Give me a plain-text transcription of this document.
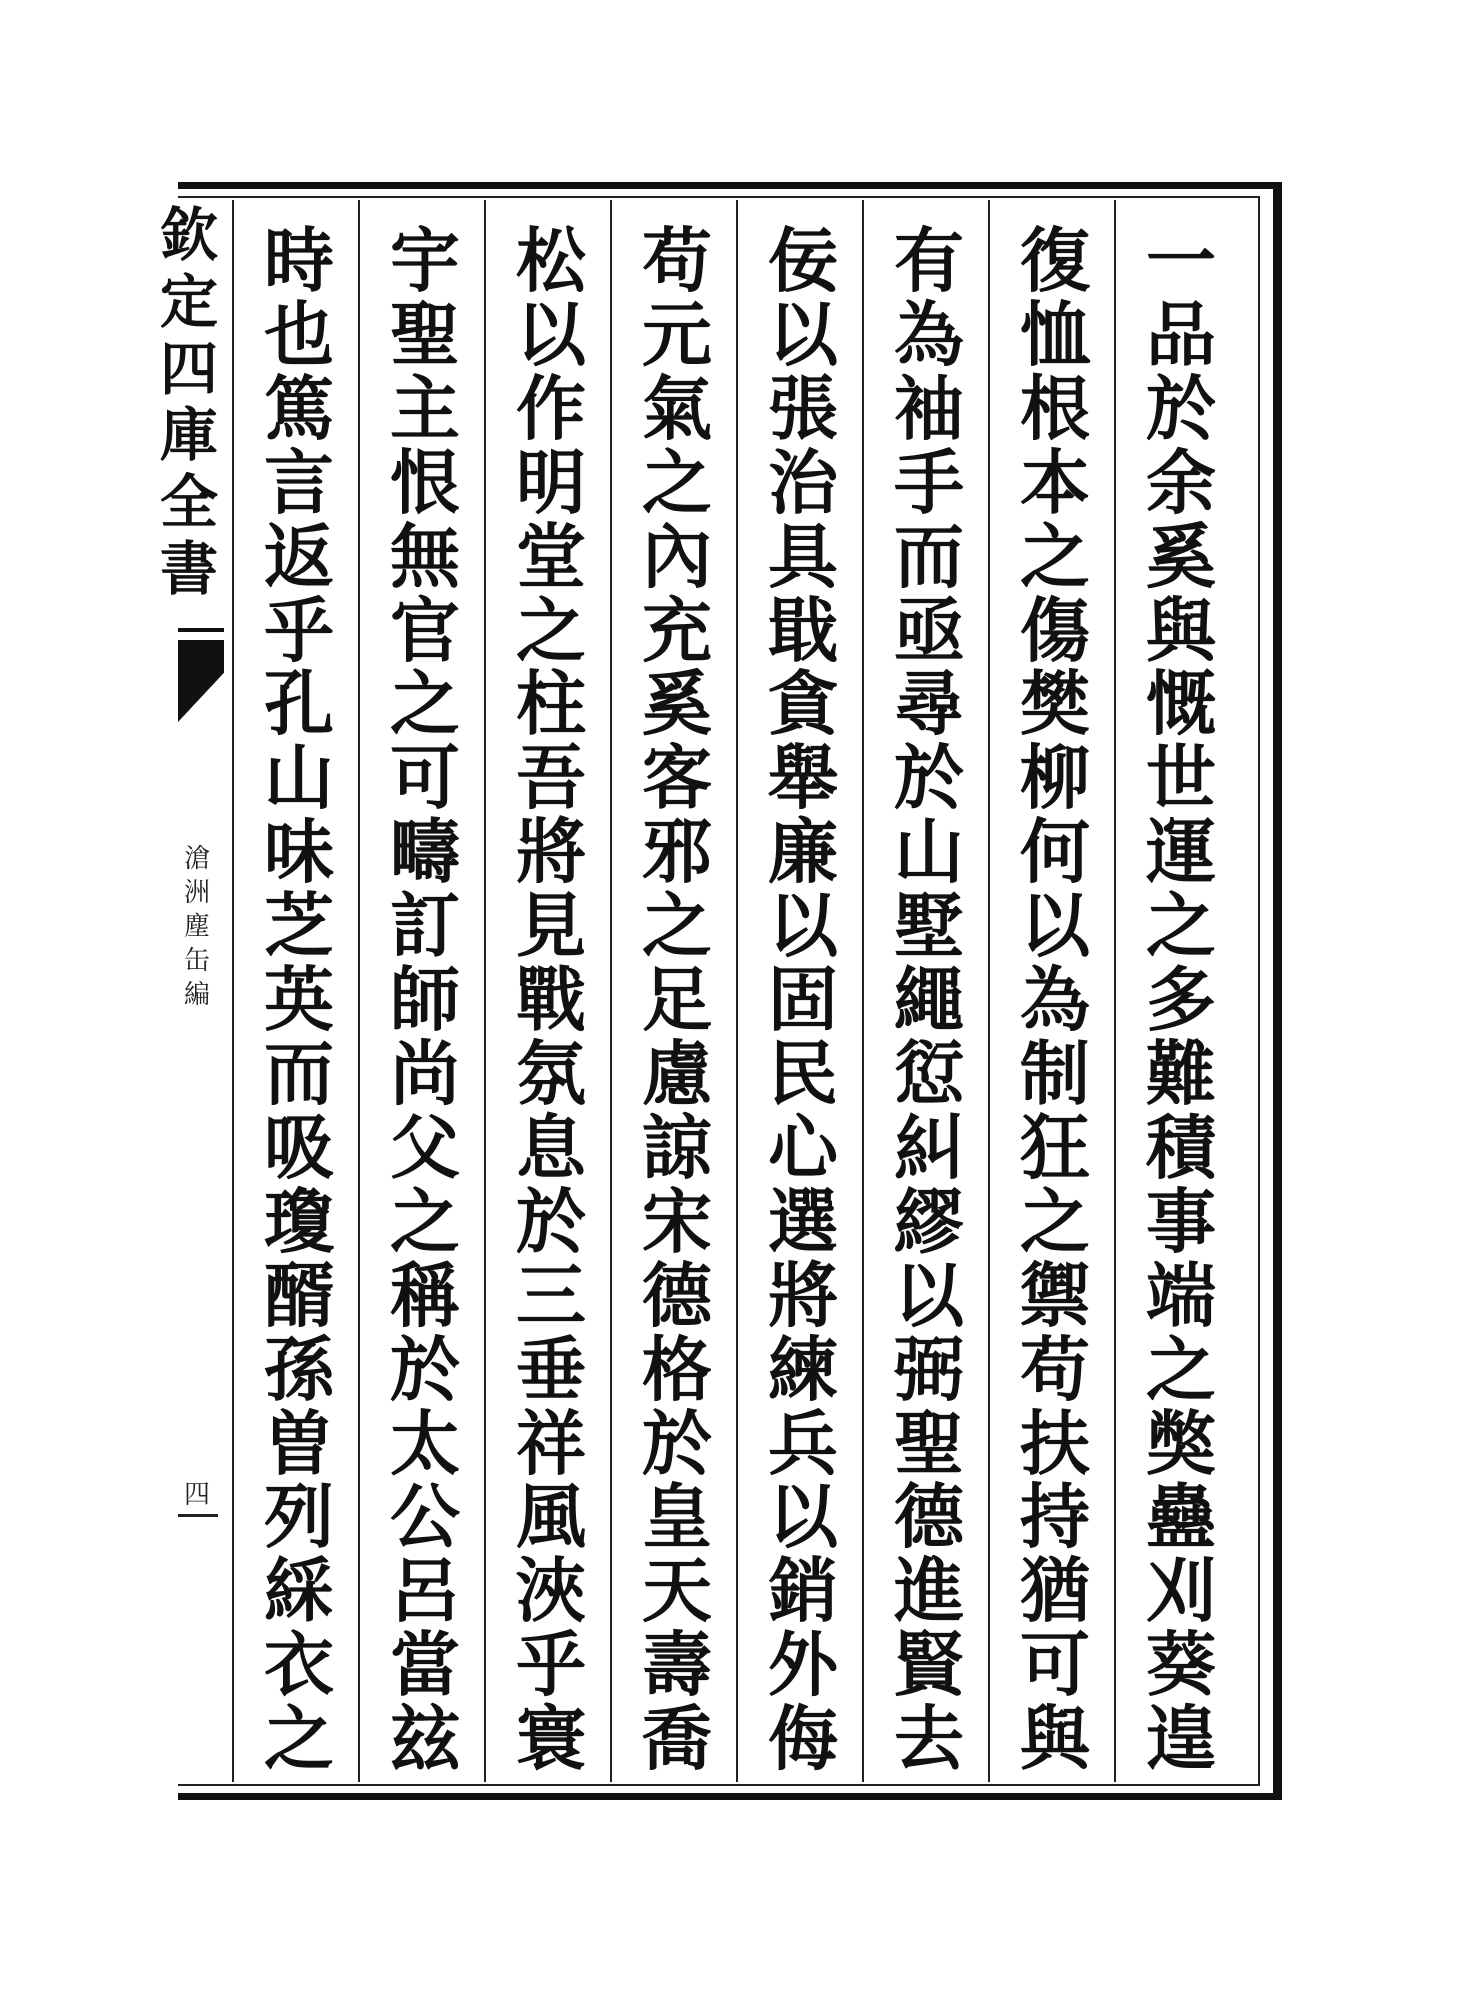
欽
定
四
庫
全
書
滄
洲
塵
缶
編
四
一
品
於
余
奚
與
慨
世
運
之
多
難
積
事
端
之
獘
蠱
刈
葵
遑
復
恤
根
本
之
傷
樊
柳
何
以
為
制
狂
之
禦
苟
扶
持
猶
可
與
有
為
袖
手
而
亟
尋
於
山
墅
繩
愆
糾
繆
以
弼
聖
德
進
賢
去
佞
以
張
治
具
戢
貪
舉
廉
以
固
民
心
選
將
練
兵
以
銷
外
侮
苟
元
氣
之
內
充
奚
客
邪
之
足
慮
諒
宋
德
格
於
皇
天
壽
喬
松
以
作
明
堂
之
柱
吾
將
見
戰
氛
息
於
三
垂
祥
風
浹
乎
寰
宇
聖
主
恨
無
官
之
可
疇
訂
師
尚
父
之
稱
於
太
公
呂
當
玆
時
也
篤
言
返
乎
孔
山
味
芝
英
而
吸
瓊
醑
孫
曽
列
綵
衣
之
